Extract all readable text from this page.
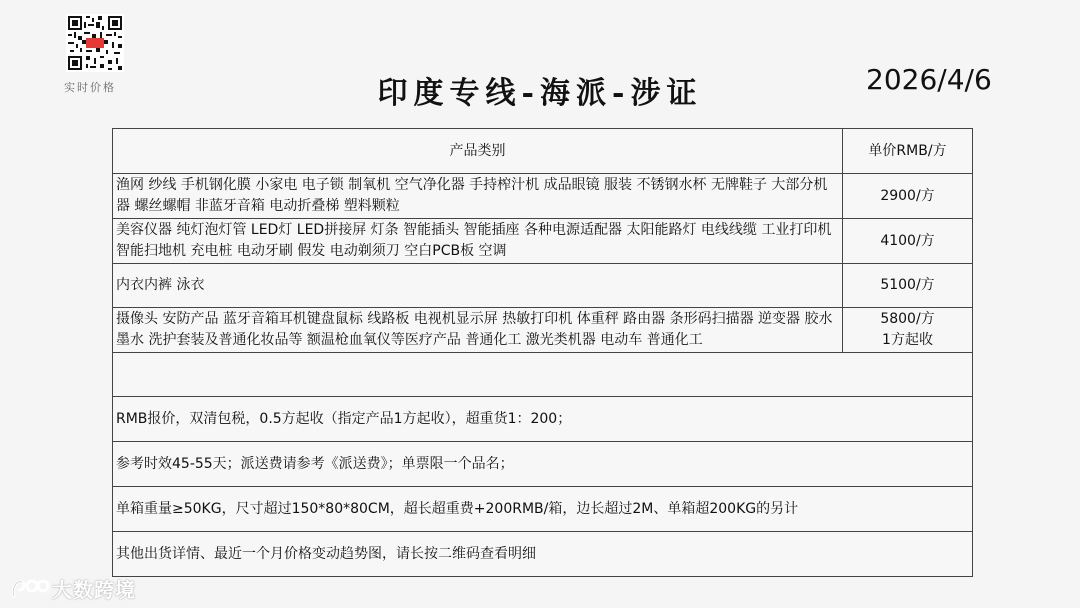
实时价格	印度专线-海派-涉证	2026/4/6
产品类别	单价RMB/方
渔网 纱线 手机钢化膜 小家电 电子锁 制氧机 空气净化器 手持榨汁机 成品眼镜 服装 不锈钢水杯 无牌鞋子 大部分机器 螺丝螺帽 非蓝牙音箱 电动折叠梯 塑料颗粒	2900/方
美容仪器 纯灯泡灯管 LED灯 LED拼接屏 灯条 智能插头 智能插座 各种电源适配器 太阳能路灯 电线线缆 工业打印机 智能扫地机 充电桩 电动牙刷 假发 电动剃须刀 空白PCB板 空调	4100/方
内衣内裤 泳衣	5100/方
摄像头 安防产品 蓝牙音箱耳机键盘鼠标 线路板 电视机显示屏 热敏打印机 体重秤 路由器 条形码扫描器 逆变器 胶水墨水 洗护套装及普通化妆品等 额温枪血氧仪等医疗产品 普通化工 激光类机器 电动车 普通化工	5800/方
1方起收

RMB报价，双清包税，0.5方起收（指定产品1方起收），超重货1：200；	
参考时效45-55天；派送费请参考《派送费》；单票限一个品名；	
单箱重量≥50KG，尺寸超过150*80*80CM，超长超重费+200RMB/箱，边长超过2M、单箱超200KG的另计	
其他出货详情、最近一个月价格变动趋势图，请长按二维码查看明细	
大数跨境
